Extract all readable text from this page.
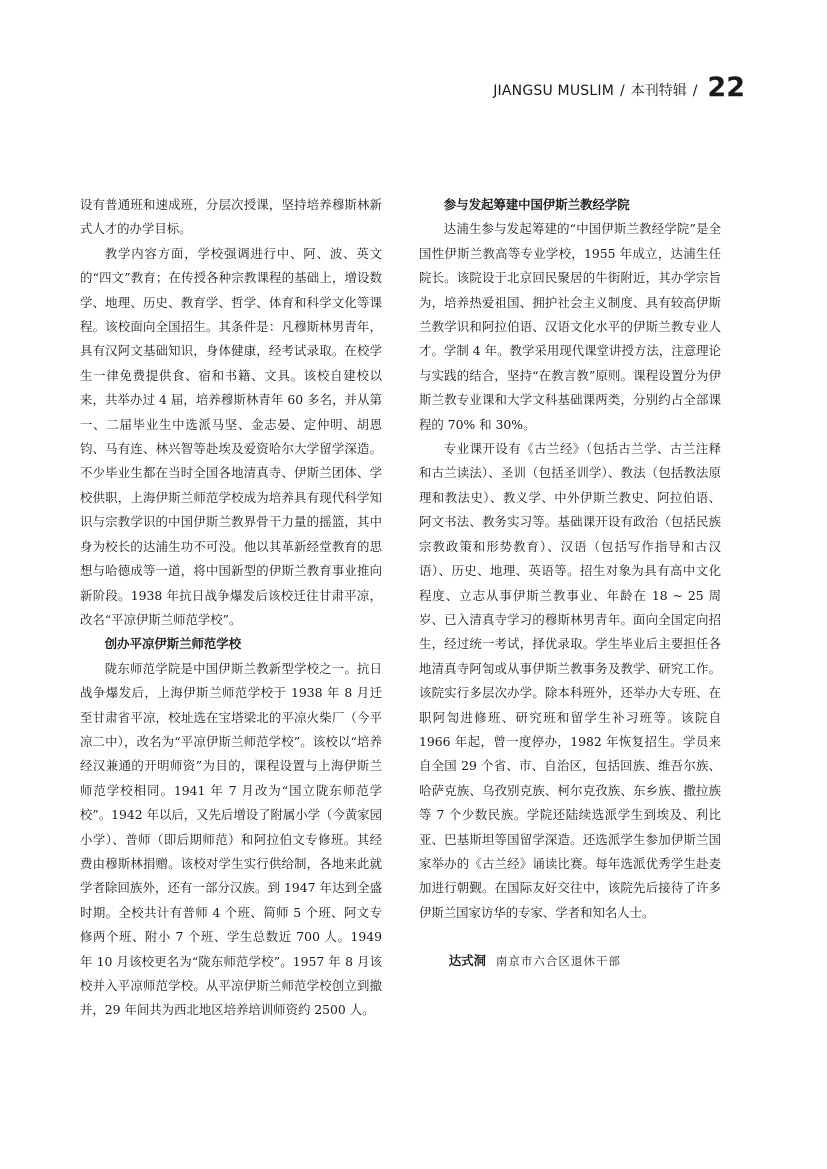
JIANGSU MUSLIM / 本刊特辑 / 22

设有普通班和速成班，分层次授课，坚持培养穆斯林新式人才的办学目标。

教学内容方面，学校强调进行中、阿、波、英文的“四文”教育；在传授各种宗教课程的基础上，增设数学、地理、历史、教育学、哲学、体育和科学文化等课程。该校面向全国招生。其条件是：凡穆斯林男青年，具有汉阿文基础知识，身体健康，经考试录取。在校学生一律免费提供食、宿和书籍、文具。该校自建校以来，共举办过 4 届，培养穆斯林青年 60 多名，并从第一、二届毕业生中选派马坚、金志晏、定仲明、胡恩钧、马有连、林兴智等赴埃及爱资哈尔大学留学深造。不少毕业生都在当时全国各地清真寺、伊斯兰团体、学校供职，上海伊斯兰师范学校成为培养具有现代科学知识与宗教学识的中国伊斯兰教界骨干力量的摇篮，其中身为校长的达浦生功不可没。他以其革新经堂教育的思想与哈德成等一道，将中国新型的伊斯兰教育事业推向新阶段。1938 年抗日战争爆发后该校迁往甘肃平凉，改名“平凉伊斯兰师范学校”。

创办平凉伊斯兰师范学校

陇东师范学院是中国伊斯兰教新型学校之一。抗日战争爆发后，上海伊斯兰师范学校于 1938 年 8 月迁至甘肃省平凉，校址选在宝塔梁北的平凉火柴厂（今平凉二中），改名为“平凉伊斯兰师范学校”。该校以“培养经汉兼通的开明师资”为目的，课程设置与上海伊斯兰师范学校相同。1941 年 7 月改为“国立陇东师范学校”。1942 年以后，又先后增设了附属小学（今黄家园小学）、普师（即后期师范）和阿拉伯文专修班。其经费由穆斯林捐赠。该校对学生实行供给制，各地来此就学者除回族外，还有一部分汉族。到 1947 年达到全盛时期。全校共计有普师 4 个班、简师 5 个班、阿文专修两个班、附小 7 个班、学生总数近 700 人。1949 年 10 月该校更名为“陇东师范学校”。1957 年 8 月该校并入平凉师范学校。从平凉伊斯兰师范学校创立到撤并，29 年间共为西北地区培养培训师资约 2500 人。

参与发起筹建中国伊斯兰教经学院

达浦生参与发起筹建的“中国伊斯兰教经学院”是全国性伊斯兰教高等专业学校，1955 年成立，达浦生任院长。该院设于北京回民聚居的牛街附近，其办学宗旨为，培养热爱祖国、拥护社会主义制度、具有较高伊斯兰教学识和阿拉伯语、汉语文化水平的伊斯兰教专业人才。学制 4 年。教学采用现代课堂讲授方法，注意理论与实践的结合，坚持“在教言教”原则。课程设置分为伊斯兰教专业课和大学文科基础课两类，分别约占全部课程的 70% 和 30%。

专业课开设有《古兰经》（包括古兰学、古兰注释和古兰读法）、圣训（包括圣训学）、教法（包括教法原理和教法史）、教义学、中外伊斯兰教史、阿拉伯语、阿文书法、教务实习等。基础课开设有政治（包括民族宗教政策和形势教育）、汉语（包括写作指导和古汉语）、历史、地理、英语等。招生对象为具有高中文化程度、立志从事伊斯兰教事业、年龄在 18 ~ 25 周岁、已入清真寺学习的穆斯林男青年。面向全国定向招生，经过统一考试，择优录取。学生毕业后主要担任各地清真寺阿訇或从事伊斯兰教事务及教学、研究工作。该院实行多层次办学。除本科班外，还举办大专班、在职阿訇进修班、研究班和留学生补习班等。该院自 1966 年起，曾一度停办，1982 年恢复招生。学员来自全国 29 个省、市、自治区，包括回族、维吾尔族、哈萨克族、乌孜别克族、柯尔克孜族、东乡族、撒拉族等 7 个少数民族。学院还陆续选派学生到埃及、利比亚、巴基斯坦等国留学深造。还选派学生参加伊斯兰国家举办的《古兰经》诵读比赛。每年选派优秀学生赴麦加进行朝觐。在国际友好交往中，该院先后接待了许多伊斯兰国家访华的专家、学者和知名人士。

达式洞 南京市六合区退休干部
